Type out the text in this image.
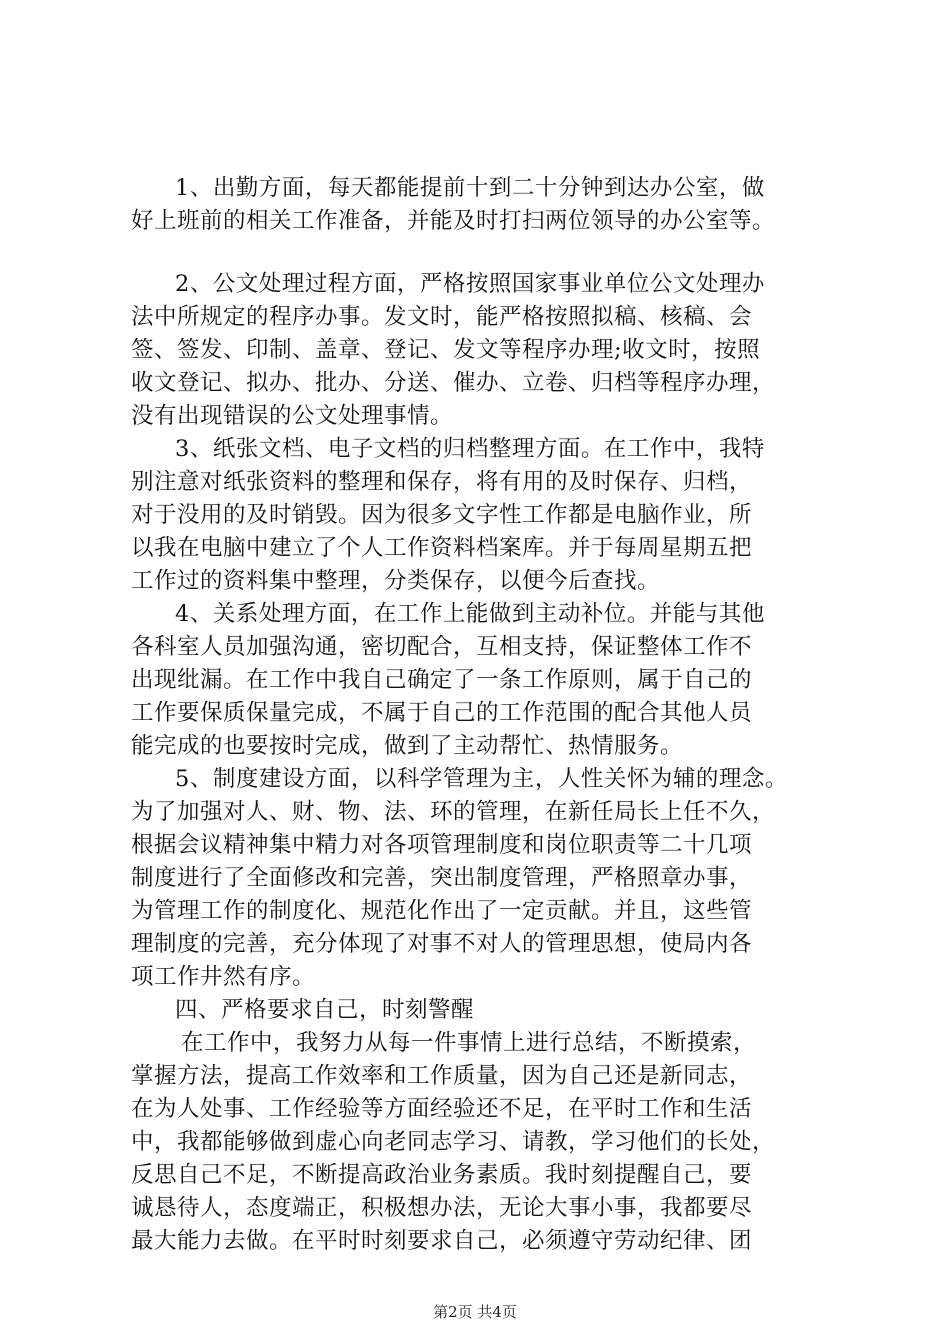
1、出勤方面，每天都能提前十到二十分钟到达办公室，做
好上班前的相关工作准备，并能及时打扫两位领导的办公室等。

2、公文处理过程方面，严格按照国家事业单位公文处理办
法中所规定的程序办事。发文时，能严格按照拟稿、核稿、会
签、签发、印制、盖章、登记、发文等程序办理;收文时，按照
收文登记、拟办、批办、分送、催办、立卷、归档等程序办理，
没有出现错误的公文处理事情。

3、纸张文档、电子文档的归档整理方面。在工作中，我特
别注意对纸张资料的整理和保存，将有用的及时保存、归档，
对于没用的及时销毁。因为很多文字性工作都是电脑作业，所
以我在电脑中建立了个人工作资料档案库。并于每周星期五把
工作过的资料集中整理，分类保存，以便今后查找。

4、关系处理方面，在工作上能做到主动补位。并能与其他
各科室人员加强沟通，密切配合，互相支持，保证整体工作不
出现纰漏。在工作中我自己确定了一条工作原则，属于自己的
工作要保质保量完成，不属于自己的工作范围的配合其他人员
能完成的也要按时完成，做到了主动帮忙、热情服务。

5、制度建设方面，以科学管理为主，人性关怀为辅的理念。
为了加强对人、财、物、法、环的管理，在新任局长上任不久，
根据会议精神集中精力对各项管理制度和岗位职责等二十几项
制度进行了全面修改和完善，突出制度管理，严格照章办事，
为管理工作的制度化、规范化作出了一定贡献。并且，这些管
理制度的完善，充分体现了对事不对人的管理思想，使局内各
项工作井然有序。

四、严格要求自己，时刻警醒

在工作中，我努力从每一件事情上进行总结，不断摸索，
掌握方法，提高工作效率和工作质量，因为自己还是新同志，
在为人处事、工作经验等方面经验还不足，在平时工作和生活
中，我都能够做到虚心向老同志学习、请教，学习他们的长处，
反思自己不足，不断提高政治业务素质。我时刻提醒自己，要
诚恳待人，态度端正，积极想办法，无论大事小事，我都要尽
最大能力去做。在平时时刻要求自己，必须遵守劳动纪律、团

第2页 共4页
